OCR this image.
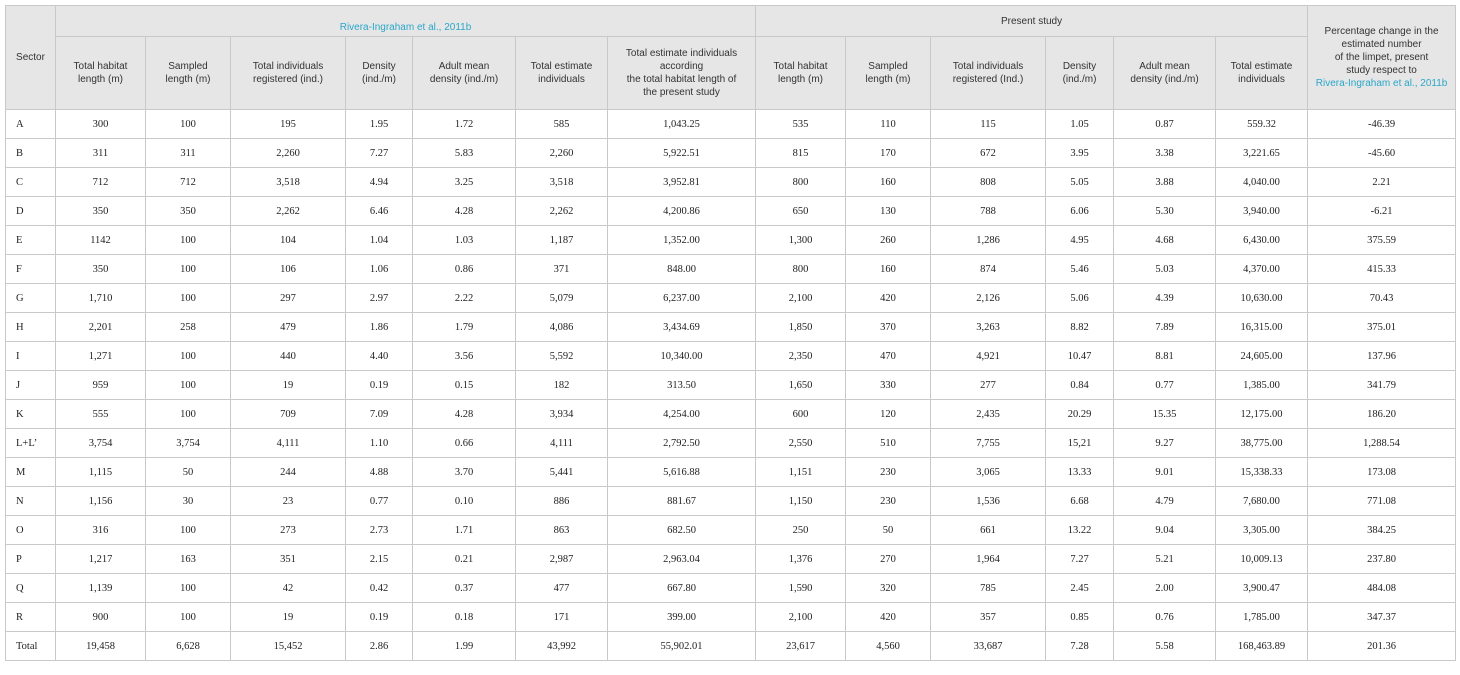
Sector	Rivera-Ingraham et al., 2011b							Present study						Percentage change in the
estimated number
of the limpet, present
study respect to
Rivera-Ingraham et al., 2011b
	Total habitat
length (m)	Sampled
length (m)	Total individuals
registered (ind.)	Density
(ind./m)	Adult mean
density (ind./m)	Total estimate
individuals	Total estimate individuals
according
the total habitat length of
the present study	Total habitat
length (m)	Sampled
length (m)	Total individuals
registered (Ind.)	Density
(ind./m)	Adult mean
density (ind./m)	Total estimate
individuals	
A	300	100	195	1.95	1.72	585	1,043.25	535	110	115	1.05	0.87	559.32	-46.39
B	311	311	2,260	7.27	5.83	2,260	5,922.51	815	170	672	3.95	3.38	3,221.65	-45.60
C	712	712	3,518	4.94	3.25	3,518	3,952.81	800	160	808	5.05	3.88	4,040.00	2.21
D	350	350	2,262	6.46	4.28	2,262	4,200.86	650	130	788	6.06	5.30	3,940.00	-6.21
E	1142	100	104	1.04	1.03	1,187	1,352.00	1,300	260	1,286	4.95	4.68	6,430.00	375.59
F	350	100	106	1.06	0.86	371	848.00	800	160	874	5.46	5.03	4,370.00	415.33
G	1,710	100	297	2.97	2.22	5,079	6,237.00	2,100	420	2,126	5.06	4.39	10,630.00	70.43
H	2,201	258	479	1.86	1.79	4,086	3,434.69	1,850	370	3,263	8.82	7.89	16,315.00	375.01
I	1,271	100	440	4.40	3.56	5,592	10,340.00	2,350	470	4,921	10.47	8.81	24,605.00	137.96
J	959	100	19	0.19	0.15	182	313.50	1,650	330	277	0.84	0.77	1,385.00	341.79
K	555	100	709	7.09	4.28	3,934	4,254.00	600	120	2,435	20.29	15.35	12,175.00	186.20
L+L’	3,754	3,754	4,111	1.10	0.66	4,111	2,792.50	2,550	510	7,755	15,21	9.27	38,775.00	1,288.54
M	1,115	50	244	4.88	3.70	5,441	5,616.88	1,151	230	3,065	13.33	9.01	15,338.33	173.08
N	1,156	30	23	0.77	0.10	886	881.67	1,150	230	1,536	6.68	4.79	7,680.00	771.08
O	316	100	273	2.73	1.71	863	682.50	250	50	661	13.22	9.04	3,305.00	384.25
P	1,217	163	351	2.15	0.21	2,987	2,963.04	1,376	270	1,964	7.27	5.21	10,009.13	237.80
Q	1,139	100	42	0.42	0.37	477	667.80	1,590	320	785	2.45	2.00	3,900.47	484.08
R	900	100	19	0.19	0.18	171	399.00	2,100	420	357	0.85	0.76	1,785.00	347.37
Total	19,458	6,628	15,452	2.86	1.99	43,992	55,902.01	23,617	4,560	33,687	7.28	5.58	168,463.89	201.36
